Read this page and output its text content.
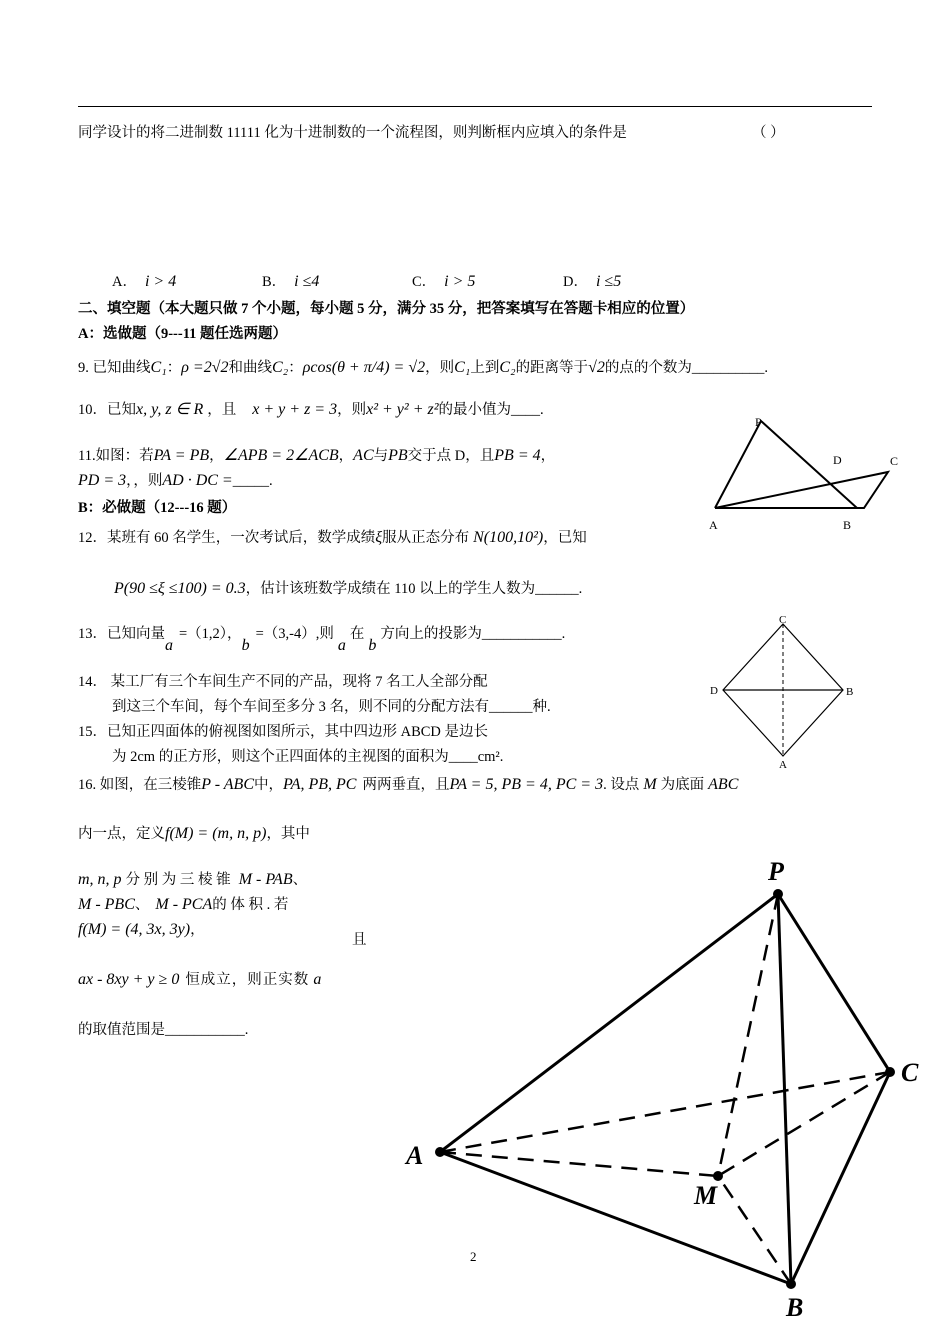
同学设计的将二进制数 11111 化为十进制数的一个流程图，则判断框内应填入的条件是	（ ）
A． i > 4	B． i ≤4	C． i > 5	D． i ≤5
二、填空题（本大题只做 7 个小题，每小题 5 分，满分 35 分，把答案填写在答题卡相应的位置）
A：选做题（9---11 题任选两题）
9. 已知曲线C₁：ρ =2√2和曲线C₂：ρcos(θ + π/4) = √2，则C₁上到C₂的距离等于√2的点的个数为__________.
10．已知x, y, z ∈ R ，且 x + y + z = 3，则x² + y² + z²的最小值为____.
11.如图：若PA = PB，∠APB = 2∠ACB，AC与PB交于点 D，且PB = 4，
PD = 3，，则AD · DC =_____.
B：必做题（12---16 题）
12．某班有 60 名学生，一次考试后，数学成绩ξ服从正态分布 N(100,10²)，已知
P(90 ≤ξ ≤100) = 0.3，估计该班数学成绩在 110 以上的学生人数为______.
13．已知向量a=（1,2），b=（3,-4）,则a在b方向上的投影为___________.
14． 某工厂有三个车间生产不同的产品，现将 7 名工人全部分配
到这三个车间，每个车间至多分 3 名，则不同的分配方法有______种.
15．已知正四面体的俯视图如图所示，其中四边形 ABCD 是边长
为 2cm 的正方形，则这个正四面体的主视图的面积为____cm².
16. 如图，在三棱锥P - ABC中，PA, PB, PC 两两垂直，且PA = 5, PB = 4, PC = 3. 设点 M 为底面 ABC
内一点，定义f(M) = (m, n, p)，其中
m, n, p 分 别 为 三 棱 锥 M - PAB、
M - PBC、 M - PCA的 体 积 . 若
f(M) = (4, 3x, 3y)，
且
ax - 8xy + y ≥ 0 恒成立，则正实数 a
的取值范围是___________.
P
D	C
A	B
C
D	B
A
P
C
A
M
B
2
